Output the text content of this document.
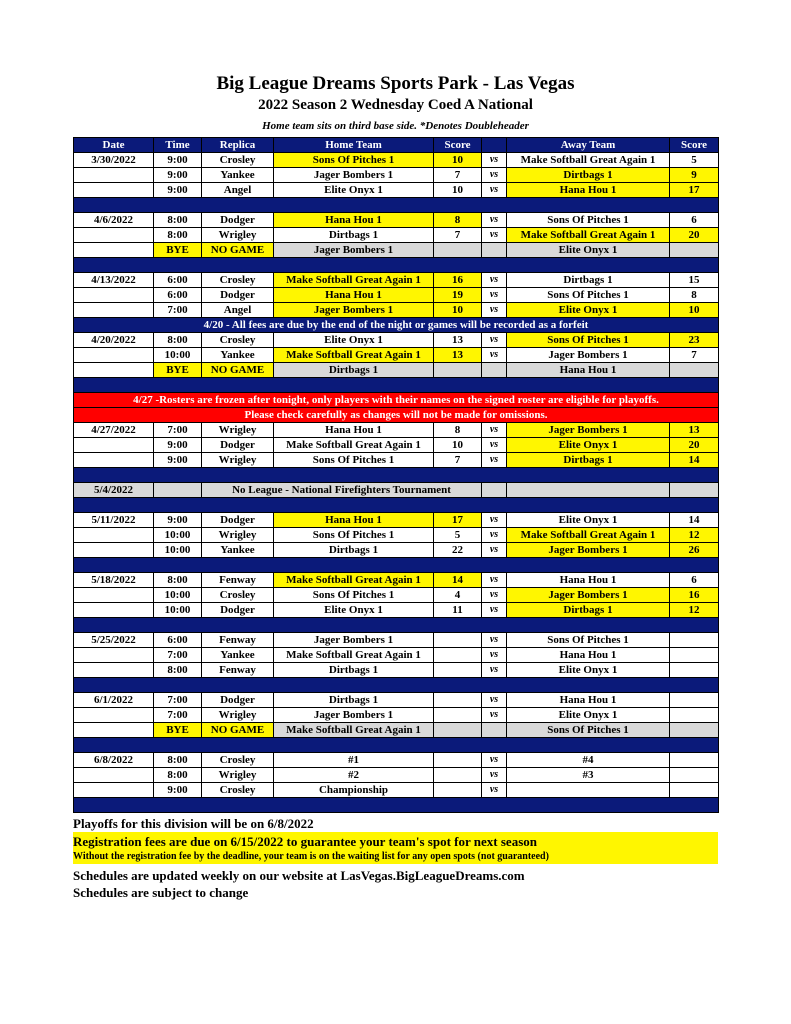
Big League Dreams Sports Park - Las Vegas
2022 Season 2 Wednesday Coed A National
Home team sits on third base side. *Denotes Doubleheader
Date	Time	Replica	Home Team	Score		Away Team	Score
3/30/2022	9:00	Crosley	Sons Of Pitches 1	10	vs	Make Softball Great Again 1	5
	9:00	Yankee	Jager Bombers 1	7	vs	Dirtbags 1	9
	9:00	Angel	Elite Onyx 1	10	vs	Hana Hou 1	17

4/6/2022	8:00	Dodger	Hana Hou 1	8	vs	Sons Of Pitches 1	6
	8:00	Wrigley	Dirtbags 1	7	vs	Make Softball Great Again 1	20
	BYE	NO GAME	Jager Bombers 1			Elite Onyx 1	

4/13/2022	6:00	Crosley	Make Softball Great Again 1	16	vs	Dirtbags 1	15
	6:00	Dodger	Hana Hou 1	19	vs	Sons Of Pitches 1	8
	7:00	Angel	Jager Bombers 1	10	vs	Elite Onyx 1	10
4/20 - All fees are due by the end of the night or games will be recorded as a forfeit							
4/20/2022	8:00	Crosley	Elite Onyx 1	13	vs	Sons Of Pitches 1	23
	10:00	Yankee	Make Softball Great Again 1	13	vs	Jager Bombers 1	7
	BYE	NO GAME	Dirtbags 1			Hana Hou 1	

4/27 -Rosters are frozen after tonight, only players with their names on the signed roster are eligible for playoffs.							
Please check carefully as changes will not be made for omissions.							
4/27/2022	7:00	Wrigley	Hana Hou 1	8	vs	Jager Bombers 1	13
	9:00	Dodger	Make Softball Great Again 1	10	vs	Elite Onyx 1	20
	9:00	Wrigley	Sons Of Pitches 1	7	vs	Dirtbags 1	14

5/4/2022		No League - National Firefighters Tournament					

5/11/2022	9:00	Dodger	Hana Hou 1	17	vs	Elite Onyx 1	14
	10:00	Wrigley	Sons Of Pitches 1	5	vs	Make Softball Great Again 1	12
	10:00	Yankee	Dirtbags 1	22	vs	Jager Bombers 1	26

5/18/2022	8:00	Fenway	Make Softball Great Again 1	14	vs	Hana Hou 1	6
	10:00	Crosley	Sons Of Pitches 1	4	vs	Jager Bombers 1	16
	10:00	Dodger	Elite Onyx 1	11	vs	Dirtbags 1	12

5/25/2022	6:00	Fenway	Jager Bombers 1		vs	Sons Of Pitches 1	
	7:00	Yankee	Make Softball Great Again 1		vs	Hana Hou 1	
	8:00	Fenway	Dirtbags 1		vs	Elite Onyx 1	

6/1/2022	7:00	Dodger	Dirtbags 1		vs	Hana Hou 1	
	7:00	Wrigley	Jager Bombers 1		vs	Elite Onyx 1	
	BYE	NO GAME	Make Softball Great Again 1			Sons Of Pitches 1	

6/8/2022	8:00	Crosley	#1		vs	#4	
	8:00	Wrigley	#2		vs	#3	
	9:00	Crosley	Championship		vs		

Playoffs for this division will be on 6/8/2022
Registration fees are due on 6/15/2022 to guarantee your team's spot for next season
Without the registration fee by the deadline, your team is on the waiting list for any open spots (not guaranteed)
Schedules are updated weekly on our website at LasVegas.BigLeagueDreams.com
Schedules are subject to change
